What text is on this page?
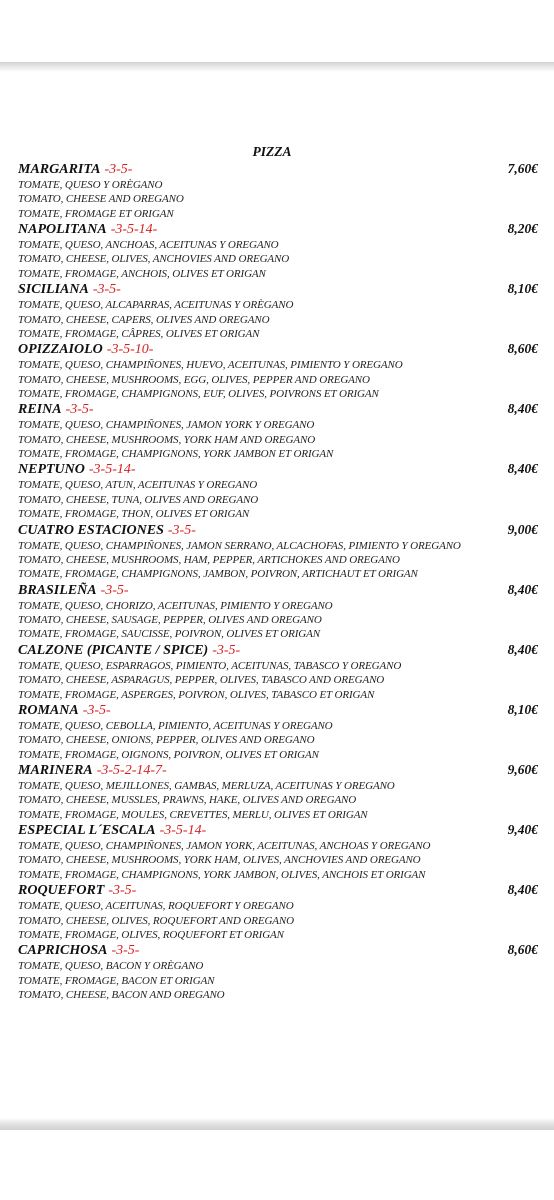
PIZZA
MARGARITA -3-5-	7,60€
TOMATE, QUESO Y ORÈGANO
TOMATO, CHEESE AND OREGANO
TOMATE, FROMAGE ET ORIGAN
NAPOLITANA -3-5-14-	8,20€
TOMATE, QUESO, ANCHOAS, ACEITUNAS Y OREGANO
TOMATO, CHEESE, OLIVES, ANCHOVIES AND OREGANO
TOMATE, FROMAGE, ANCHOIS, OLIVES ET ORIGAN
SICILIANA -3-5-	8,10€
TOMATE, QUESO, ALCAPARRAS, ACEITUNAS Y ORÈGANO
TOMATO, CHEESE, CAPERS, OLIVES AND OREGANO
TOMATE, FROMAGE, CÂPRES, OLIVES ET ORIGAN
OPIZZAIOLO -3-5-10-	8,60€
TOMATE, QUESO, CHAMPIÑONES, HUEVO, ACEITUNAS, PIMIENTO Y OREGANO
TOMATO, CHEESE, MUSHROOMS, EGG, OLIVES, PEPPER AND OREGANO
TOMATE, FROMAGE, CHAMPIGNONS, EUF, OLIVES, POIVRONS ET ORIGAN
REINA -3-5-	8,40€
TOMATE, QUESO, CHAMPIÑONES, JAMON YORK Y OREGANO
TOMATO, CHEESE, MUSHROOMS, YORK HAM AND OREGANO
TOMATE, FROMAGE, CHAMPIGNONS, YORK JAMBON ET ORIGAN
NEPTUNO -3-5-14-	8,40€
TOMATE, QUESO, ATUN, ACEITUNAS Y OREGANO
TOMATO, CHEESE, TUNA, OLIVES AND OREGANO
TOMATE, FROMAGE, THON, OLIVES ET ORIGAN
CUATRO ESTACIONES -3-5-	9,00€
TOMATE, QUESO, CHAMPIÑONES, JAMON SERRANO, ALCACHOFAS, PIMIENTO Y OREGANO
TOMATO, CHEESE, MUSHROOMS, HAM, PEPPER, ARTICHOKES AND OREGANO
TOMATE, FROMAGE, CHAMPIGNONS, JAMBON, POIVRON, ARTICHAUT ET ORIGAN
BRASILEÑA -3-5-	8,40€
TOMATE, QUESO, CHORIZO, ACEITUNAS, PIMIENTO Y OREGANO
TOMATO, CHEESE, SAUSAGE, PEPPER, OLIVES AND OREGANO
TOMATE, FROMAGE, SAUCISSE, POIVRON, OLIVES ET ORIGAN
CALZONE (PICANTE / SPICE) -3-5-	8,40€
TOMATE, QUESO, ESPARRAGOS, PIMIENTO, ACEITUNAS, TABASCO Y OREGANO
TOMATO, CHEESE, ASPARAGUS, PEPPER, OLIVES, TABASCO AND OREGANO
TOMATE, FROMAGE, ASPERGES, POIVRON, OLIVES, TABASCO ET ORIGAN
ROMANA -3-5-	8,10€
TOMATE, QUESO, CEBOLLA, PIMIENTO, ACEITUNAS Y OREGANO
TOMATO, CHEESE, ONIONS, PEPPER, OLIVES AND OREGANO
TOMATE, FROMAGE, OIGNONS, POIVRON, OLIVES ET ORIGAN
MARINERA -3-5-2-14-7-	9,60€
TOMATE, QUESO, MEJILLONES, GAMBAS, MERLUZA, ACEITUNAS Y OREGANO
TOMATO, CHEESE, MUSSLES, PRAWNS, HAKE, OLIVES AND OREGANO
TOMATE, FROMAGE, MOULES, CREVETTES, MERLU, OLIVES ET ORIGAN
ESPECIAL L´ESCALA -3-5-14-	9,40€
TOMATE, QUESO, CHAMPIÑONES, JAMON YORK, ACEITUNAS, ANCHOAS Y OREGANO
TOMATO, CHEESE, MUSHROOMS, YORK HAM, OLIVES, ANCHOVIES AND OREGANO
TOMATE, FROMAGE, CHAMPIGNONS, YORK JAMBON, OLIVES, ANCHOIS ET ORIGAN
ROQUEFORT -3-5-	8,40€
TOMATE, QUESO, ACEITUNAS, ROQUEFORT Y OREGANO
TOMATO, CHEESE, OLIVES, ROQUEFORT AND OREGANO
TOMATE, FROMAGE, OLIVES, ROQUEFORT ET ORIGAN
CAPRICHOSA -3-5-	8,60€
TOMATE, QUESO, BACON Y ORÈGANO
TOMATE, FROMAGE, BACON ET ORIGAN
TOMATO, CHEESE, BACON AND OREGANO
